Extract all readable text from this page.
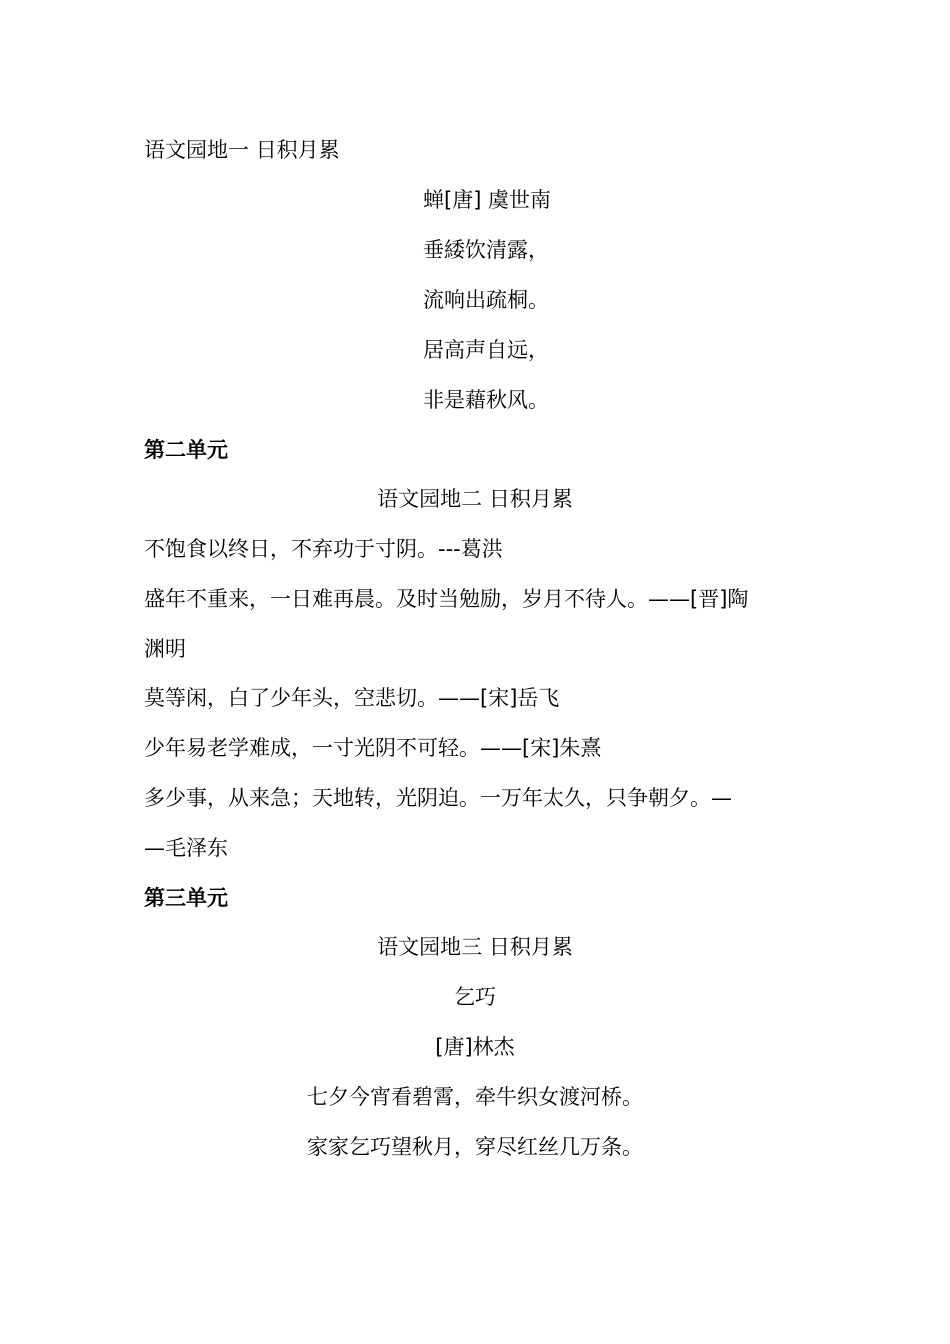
语文园地一 日积月累
蝉[唐] 虞世南
垂緌饮清露，
流响出疏桐。
居高声自远，
非是藉秋风。
第二单元
语文园地二 日积月累
不饱食以终日，不弃功于寸阴。---葛洪
盛年不重来，一日难再晨。及时当勉励，岁月不待人。——[晋]陶
渊明
莫等闲，白了少年头，空悲切。——[宋]岳飞
少年易老学难成，一寸光阴不可轻。——[宋]朱熹
多少事，从来急；天地转，光阴迫。一万年太久，只争朝夕。—
—毛泽东
第三单元
语文园地三 日积月累
乞巧
[唐]林杰
七夕今宵看碧霄，牵牛织女渡河桥。
家家乞巧望秋月，穿尽红丝几万条。
